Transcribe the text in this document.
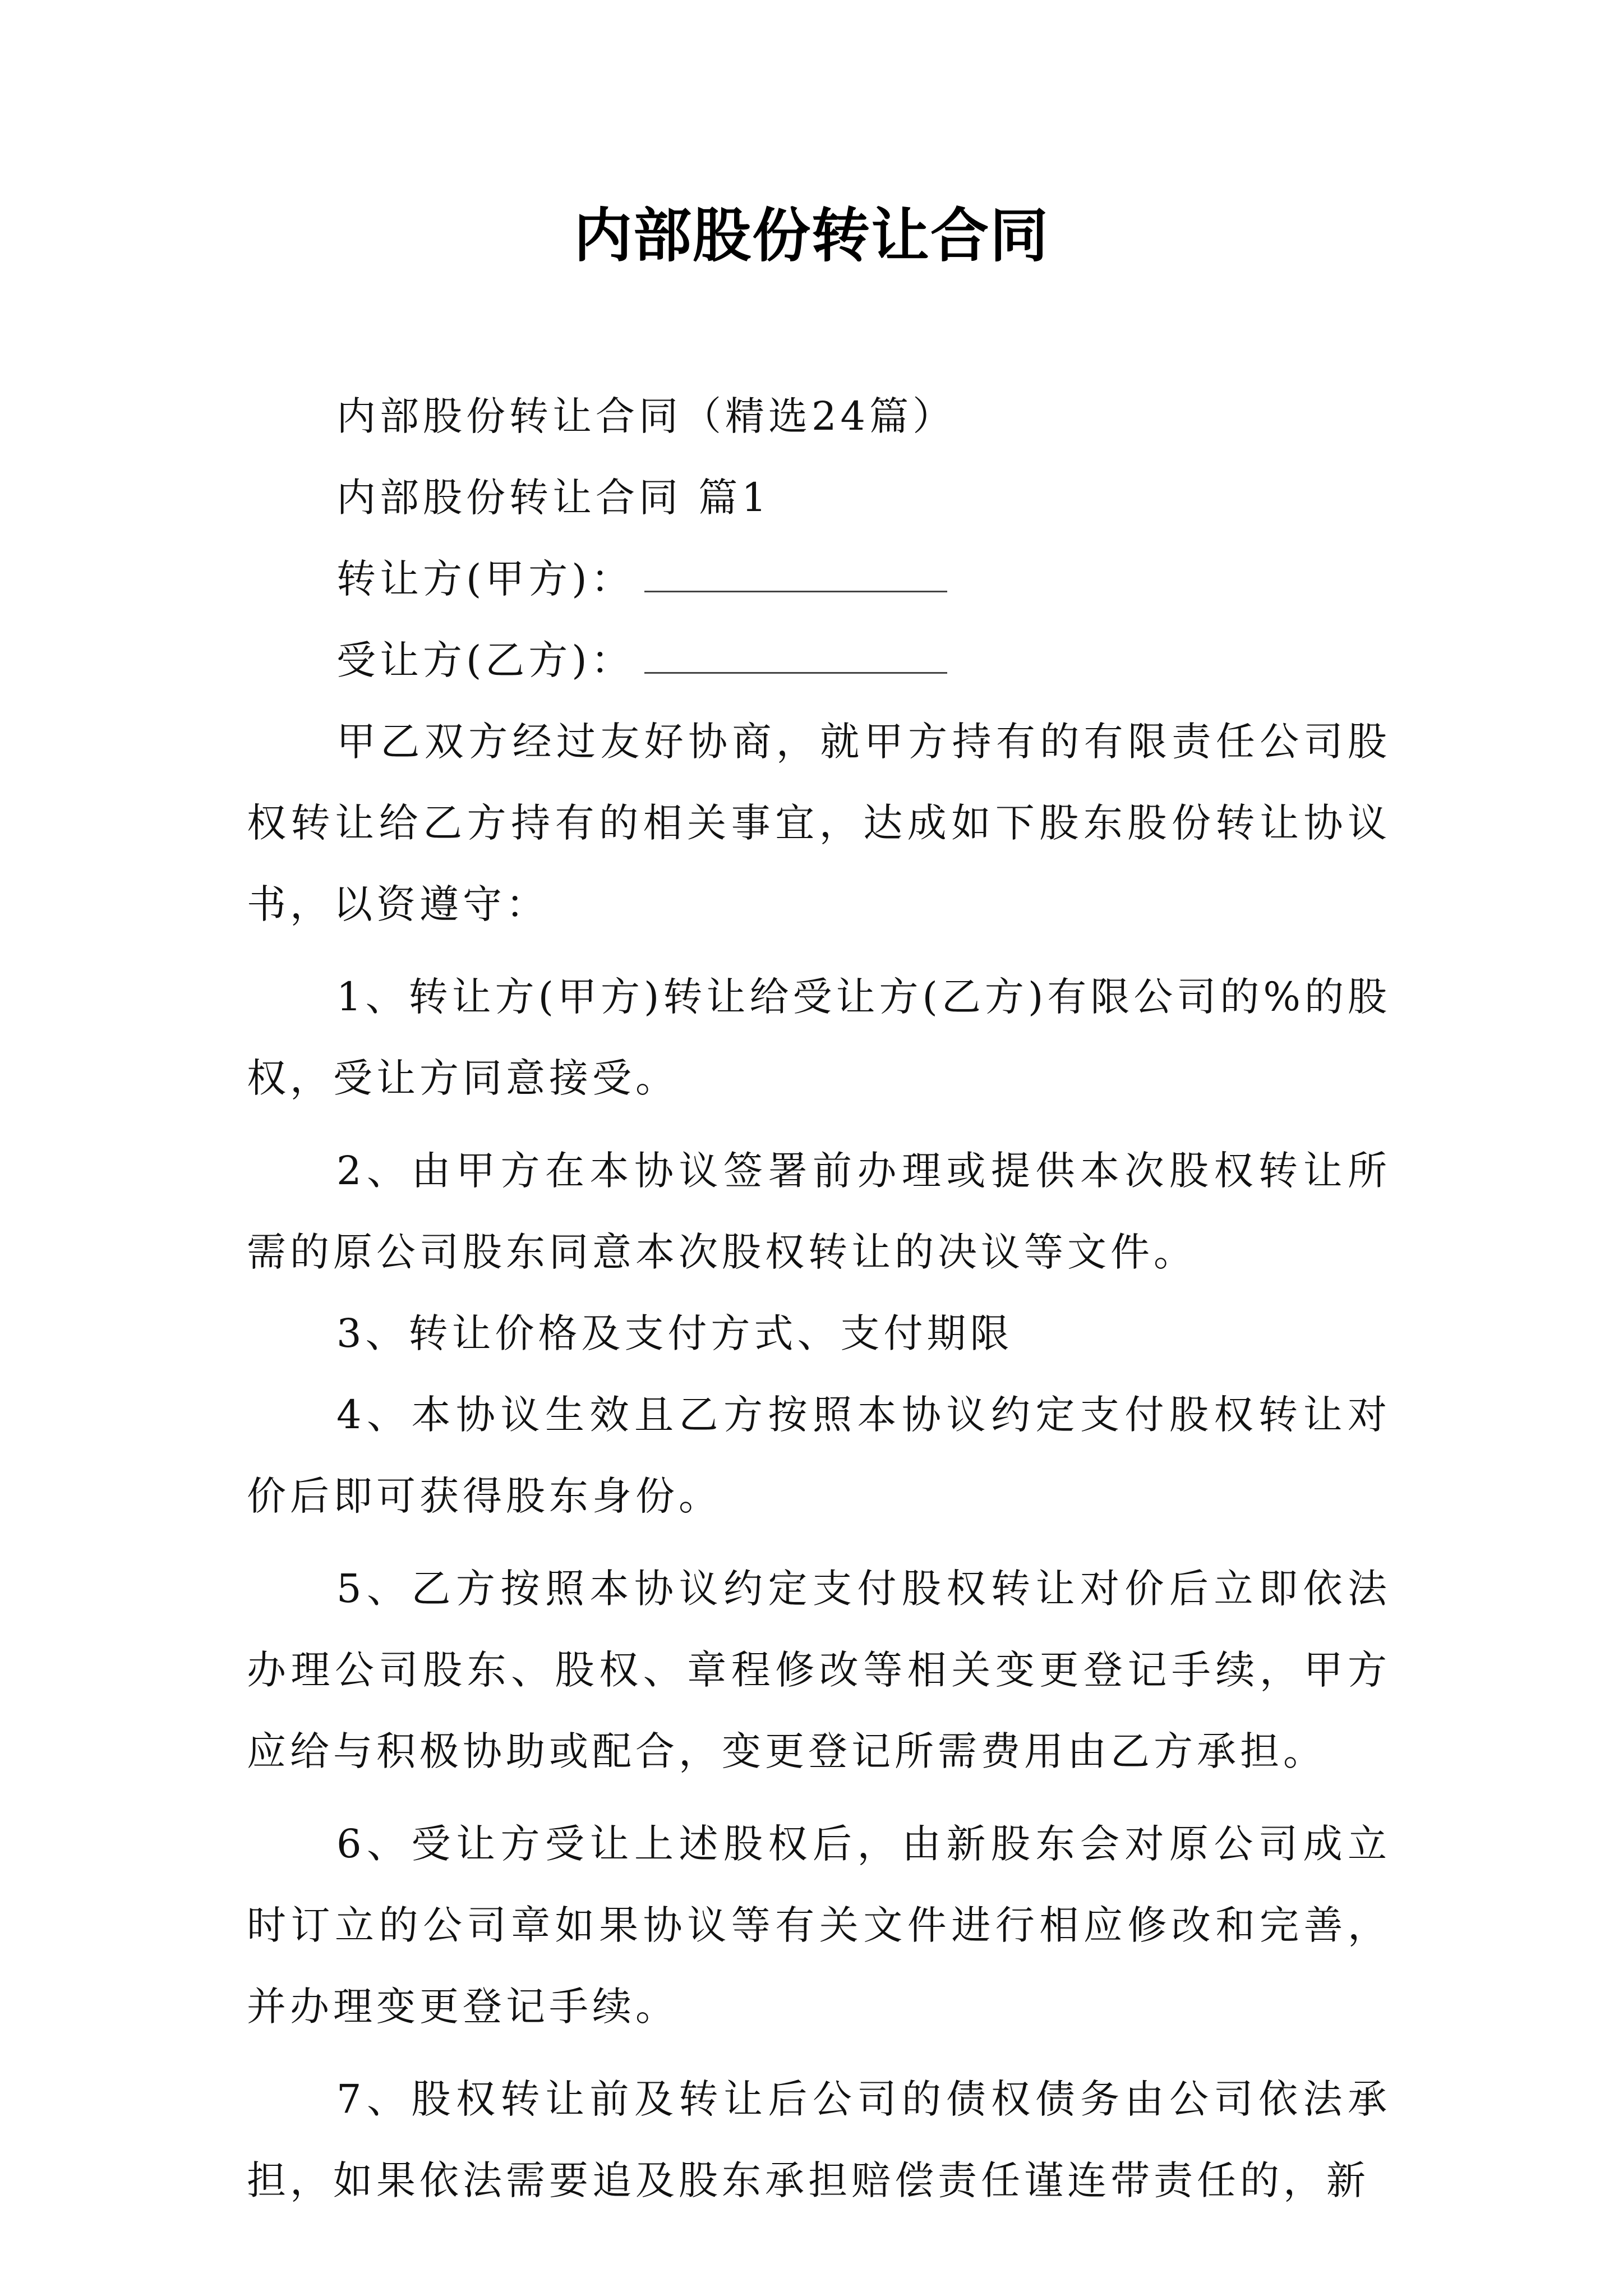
内部股份转让合同

内部股份转让合同（精选24篇）

内部股份转让合同 篇1

转让方(甲方)：

受让方(乙方)：

甲乙双方经过友好协商，就甲方持有的有限责任公司股权转让给乙方持有的相关事宜，达成如下股东股份转让协议书，以资遵守：

1、转让方(甲方)转让给受让方(乙方)有限公司的%的股权，受让方同意接受。

2、由甲方在本协议签署前办理或提供本次股权转让所需的原公司股东同意本次股权转让的决议等文件。

3、转让价格及支付方式、支付期限

4、本协议生效且乙方按照本协议约定支付股权转让对价后即可获得股东身份。

5、乙方按照本协议约定支付股权转让对价后立即依法办理公司股东、股权、章程修改等相关变更登记手续，甲方应给与积极协助或配合，变更登记所需费用由乙方承担。

6、受让方受让上述股权后，由新股东会对原公司成立时订立的公司章如果协议等有关文件进行相应修改和完善，并办理变更登记手续。

7、股权转让前及转让后公司的债权债务由公司依法承担，如果依法需要追及股东承担赔偿责任谨连带责任的，新
